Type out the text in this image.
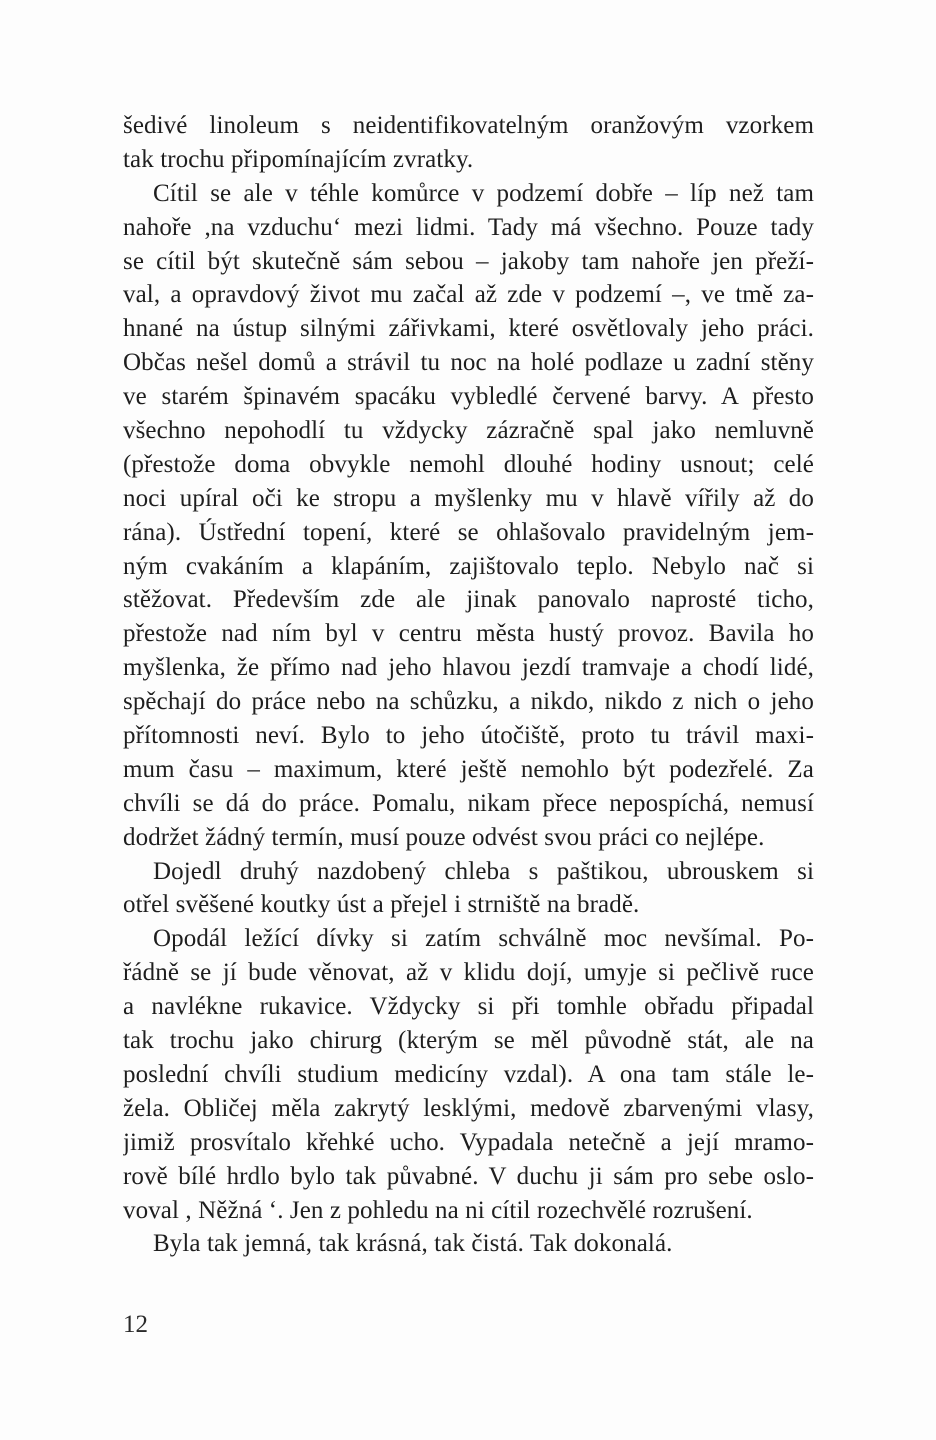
šedivé linoleum s neidentifikovatelným oranžovým vzorkem
tak trochu připomínajícím zvratky.
Cítil se ale v téhle komůrce v podzemí dobře – líp než tam
nahoře ,na vzduchu‘ mezi lidmi. Tady má všechno. Pouze tady
se cítil být skutečně sám sebou – jakoby tam nahoře jen přeží-
val, a opravdový život mu začal až zde v podzemí –, ve tmě za-
hnané na ústup silnými zářivkami, které osvětlovaly jeho práci.
Občas nešel domů a strávil tu noc na holé podlaze u zadní stěny
ve starém špinavém spacáku vybledlé červené barvy. A přesto
všechno nepohodlí tu vždycky zázračně spal jako nemluvně
(přestože doma obvykle nemohl dlouhé hodiny usnout; celé
noci upíral oči ke stropu a myšlenky mu v hlavě vířily až do
rána). Ústřední topení, které se ohlašovalo pravidelným jem-
ným cvakáním a klapáním, zajištovalo teplo. Nebylo nač si
stěžovat. Především zde ale jinak panovalo naprosté ticho,
přestože nad ním byl v centru města hustý provoz. Bavila ho
myšlenka, že přímo nad jeho hlavou jezdí tramvaje a chodí lidé,
spěchají do práce nebo na schůzku, a nikdo, nikdo z nich o jeho
přítomnosti neví. Bylo to jeho útočiště, proto tu trávil maxi-
mum času – maximum, které ještě nemohlo být podezřelé. Za
chvíli se dá do práce. Pomalu, nikam přece nepospíchá, nemusí
dodržet žádný termín, musí pouze odvést svou práci co nejlépe.
Dojedl druhý nazdobený chleba s paštikou, ubrouskem si
otřel svěšené koutky úst a přejel i strniště na bradě.
Opodál ležící dívky si zatím schválně moc nevšímal. Po-
řádně se jí bude věnovat, až v klidu dojí, umyje si pečlivě ruce
a navlékne rukavice. Vždycky si při tomhle obřadu připadal
tak trochu jako chirurg (kterým se měl původně stát, ale na
poslední chvíli studium medicíny vzdal). A ona tam stále le-
žela. Obličej měla zakrytý lesklými, medově zbarvenými vlasy,
jimiž prosvítalo křehké ucho. Vypadala netečně a její mramo-
rově bílé hrdlo bylo tak půvabné. V duchu ji sám pro sebe oslo-
voval , Něžná ‘. Jen z pohledu na ni cítil rozechvělé rozrušení.
Byla tak jemná, tak krásná, tak čistá. Tak dokonalá.
12
